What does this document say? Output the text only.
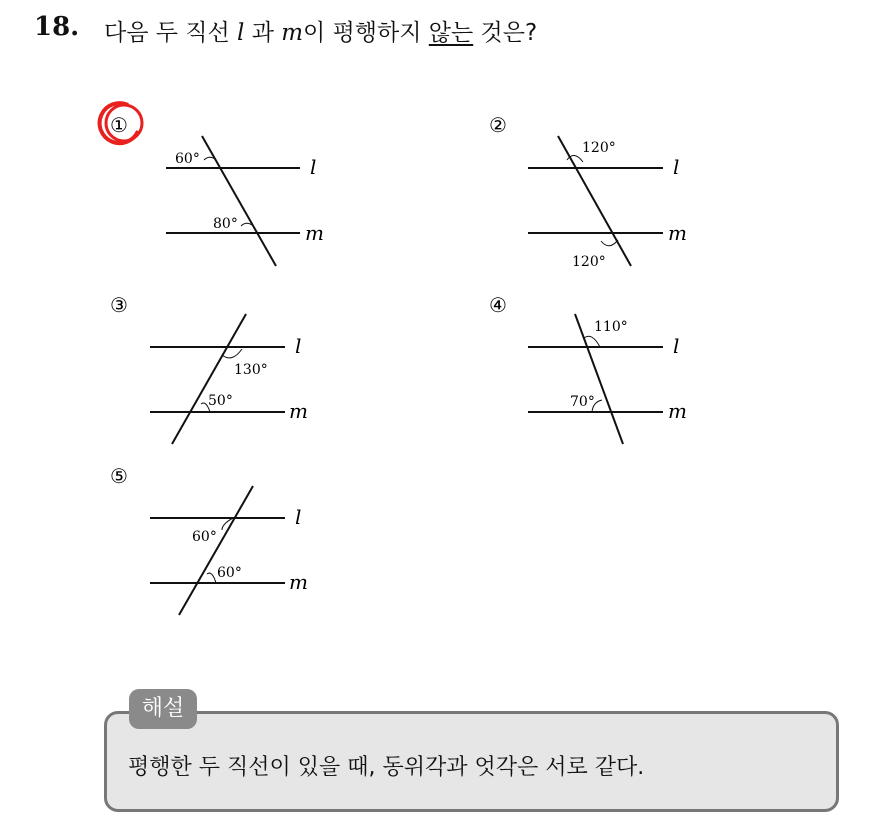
18. 다음 두 직선 l 과 m이 평행하지 않는 것은?
①
60°
80°
l
m
②
120°
120°
l
m
③
130°
50°
l
m
④
110°
70°
l
m
⑤
60°
60°
l
m
해설
평행한 두 직선이 있을 때, 동위각과 엇각은 서로 같다.
